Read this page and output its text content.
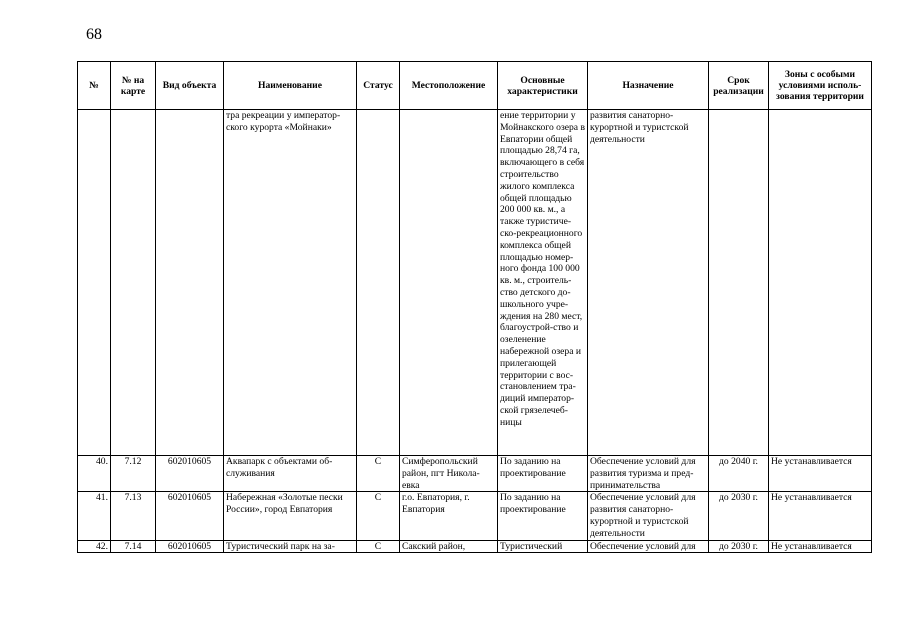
68
№	№ на карте	Вид объекта	Наименование	Статус	Местоположение	Основные характеристики	Назначение	Срок реализации	Зоны с особыми условиями исполь-зования территории
			тра рекреации у император-ского курорта «Мойнаки»			ение территории у Мойнакского озера в Евпатории общей площадью 28,74 га, включающего в себя строительство жилого комплекса общей площадью 200 000 кв. м., а также туристиче-ско-рекреационного комплекса общей площадью номер-ного фонда 100 000 кв. м., строитель-ство детского до-школьного учре-ждения на 280 мест, благоустрой-ство и озеленение набережной озера и прилегающей территории с вос-становлением тра-диций император-ской грязелечеб-ницы	развития санаторно-курортной и туристской деятельности		
40.	7.12	602010605	Аквапарк с объектами об-служивания	С	Симферопольский район, пгт Никола-евка	По заданию на проектирование	Обеспечение условий для развития туризма и пред-принимательства	до 2040 г.	Не устанавливается
41.	7.13	602010605	Набережная «Золотые пески России», город Евпатория	С	г.о. Евпатория, г. Евпатория	По заданию на проектирование	Обеспечение условий для развития санаторно-курортной и туристской деятельности	до 2030 г.	Не устанавливается
42.	7.14	602010605	Туристический парк на за-	С	Сакский район,	Туристический	Обеспечение условий для	до 2030 г.	Не устанавливается
